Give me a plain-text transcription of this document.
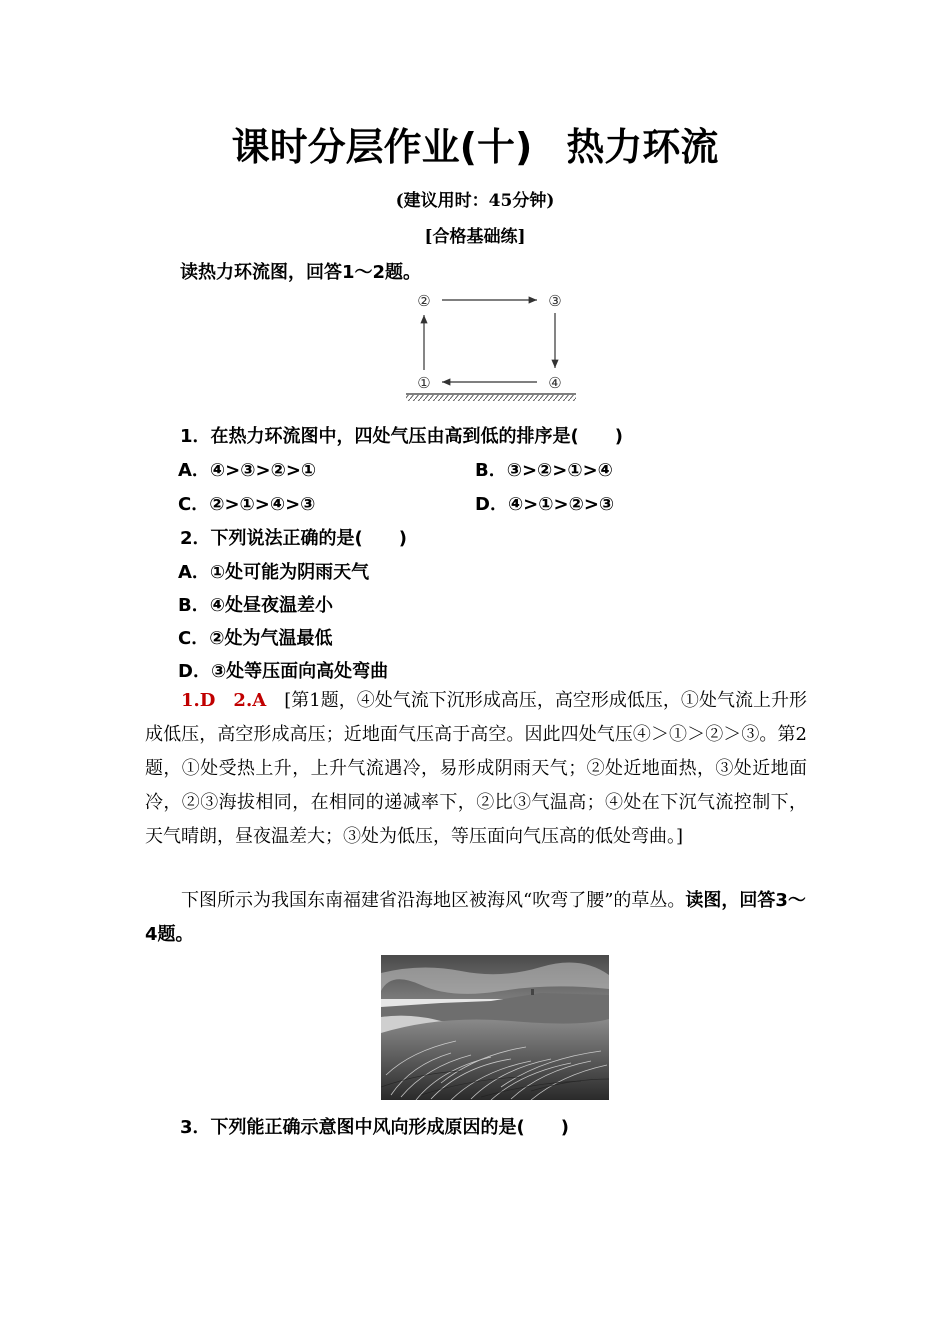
课时分层作业(十) 热力环流
(建议用时：45分钟)
[合格基础练]
读热力环流图，回答1～2题。
②	③
①	④
1．在热力环流图中，四处气压由高到低的排序是(　　)
A．④>③>②>①	B．③>②>①>④
C．②>①>④>③	D．④>①>②>③
2．下列说法正确的是(　　)
A．①处可能为阴雨天气
B．④处昼夜温差小
C．②处为气温最低
D．③处等压面向高处弯曲
1.D　2.A　 [第1题，④处气流下沉形成高压，高空形成低压，①处气流上升形成低压，高空形成高压；近地面气压高于高空。因此四处气压④＞①＞②＞③。第2题，①处受热上升，上升气流遇冷，易形成阴雨天气；②处近地面热，③处近地面冷，②③海拔相同，在相同的递减率下，②比③气温高；④处在下沉气流控制下，天气晴朗，昼夜温差大；③处为低压，等压面向气压高的低处弯曲。]
下图所示为我国东南福建省沿海地区被海风“吹弯了腰”的草丛。读图，回答3～4题。
3．下列能正确示意图中风向形成原因的是(　　)
